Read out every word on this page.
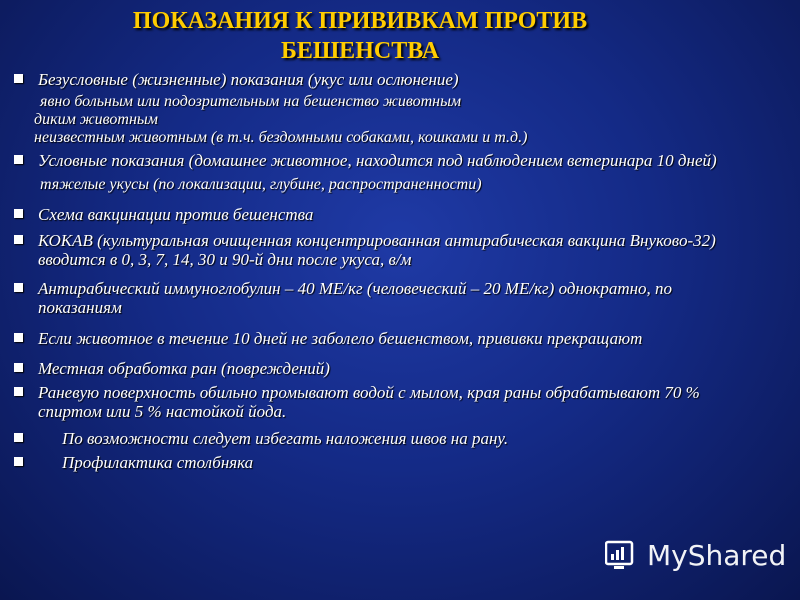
ПОКАЗАНИЯ К ПРИВИВКАМ ПРОТИВ
БЕШЕНСТВА
Безусловные (жизненные) показания (укус или ослюнение)
явно больным или подозрительным на бешенство животным
диким животным
неизвестным животным (в т.ч. бездомными собаками, кошками и т.д.)
Условные показания (домашнее животное, находится под наблюдением ветеринара 10 дней)
тяжелые укусы (по локализации, глубине, распространенности)
Схема вакцинации против бешенства
КОКАВ (культуральная очищенная концентрированная антирабическая вакцина Внуково-32)
вводится в 0, 3, 7, 14, 30 и 90-й дни после укуса, в/м
Антирабический иммуноглобулин – 40 МЕ/кг (человеческий – 20 МЕ/кг) однократно, по
показаниям
Если животное в течение 10 дней не заболело бешенством, прививки прекращают
Местная обработка ран (повреждений)
Раневую поверхность обильно промывают водой с мылом, края раны обрабатывают 70 %
спиртом или 5 % настойкой йода.
По возможности следует избегать наложения швов на рану.
Профилактика столбняка
MyShared
